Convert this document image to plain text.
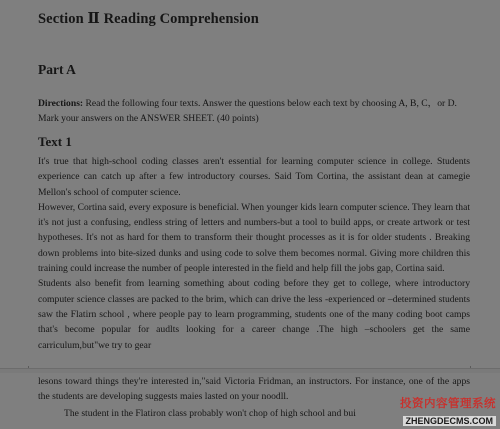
Section Ⅱ Reading Comprehension
Part A
Directions: Read the following four texts. Answer the questions below each text by choosing A, B, C，or D. Mark your answers on the ANSWER SHEET. (40 points)
Text 1

It's true that high-school coding classes aren't essential for learning computer science in college. Students experience can catch up after a few introductory courses. Said Tom Cortina, the assistant dean at camegie Mellon's school of computer science.

However, Cortina said, every exposure is beneficial. When younger kids learn computer science. They learn that it's not just a confusing, endless string of letters and numbers-but a tool to build apps, or create artwork or test hypotheses. It's not as hard for them to transform their thought processes as it is for older students . Breaking down problems into bite-sized dunks and using code to solve them becomes normal. Giving more children this training could increase the number of people interested in the field and help fill the jobs gap, Cortina said.

Students also benefit from learning something about coding before they get to college, where introductory computer science classes are packed to the brim, which can drive the less -experienced or –determined students saw the Flatirn school , where people pay to learn programming, students one of the many coding boot camps that's become popular for audlts looking for a career change .The high –schoolers get the same carriculum,but"we try to gear

lesons toward things they're interested in,"said Victoria Fridman, an instructors. For instance, one of the apps the students are developing suggests maies lasted on your noodll.

The student in the Flatiron class probably won't chop of high school and bui
投资内容管理系统
ZHENGDECMS.COM
